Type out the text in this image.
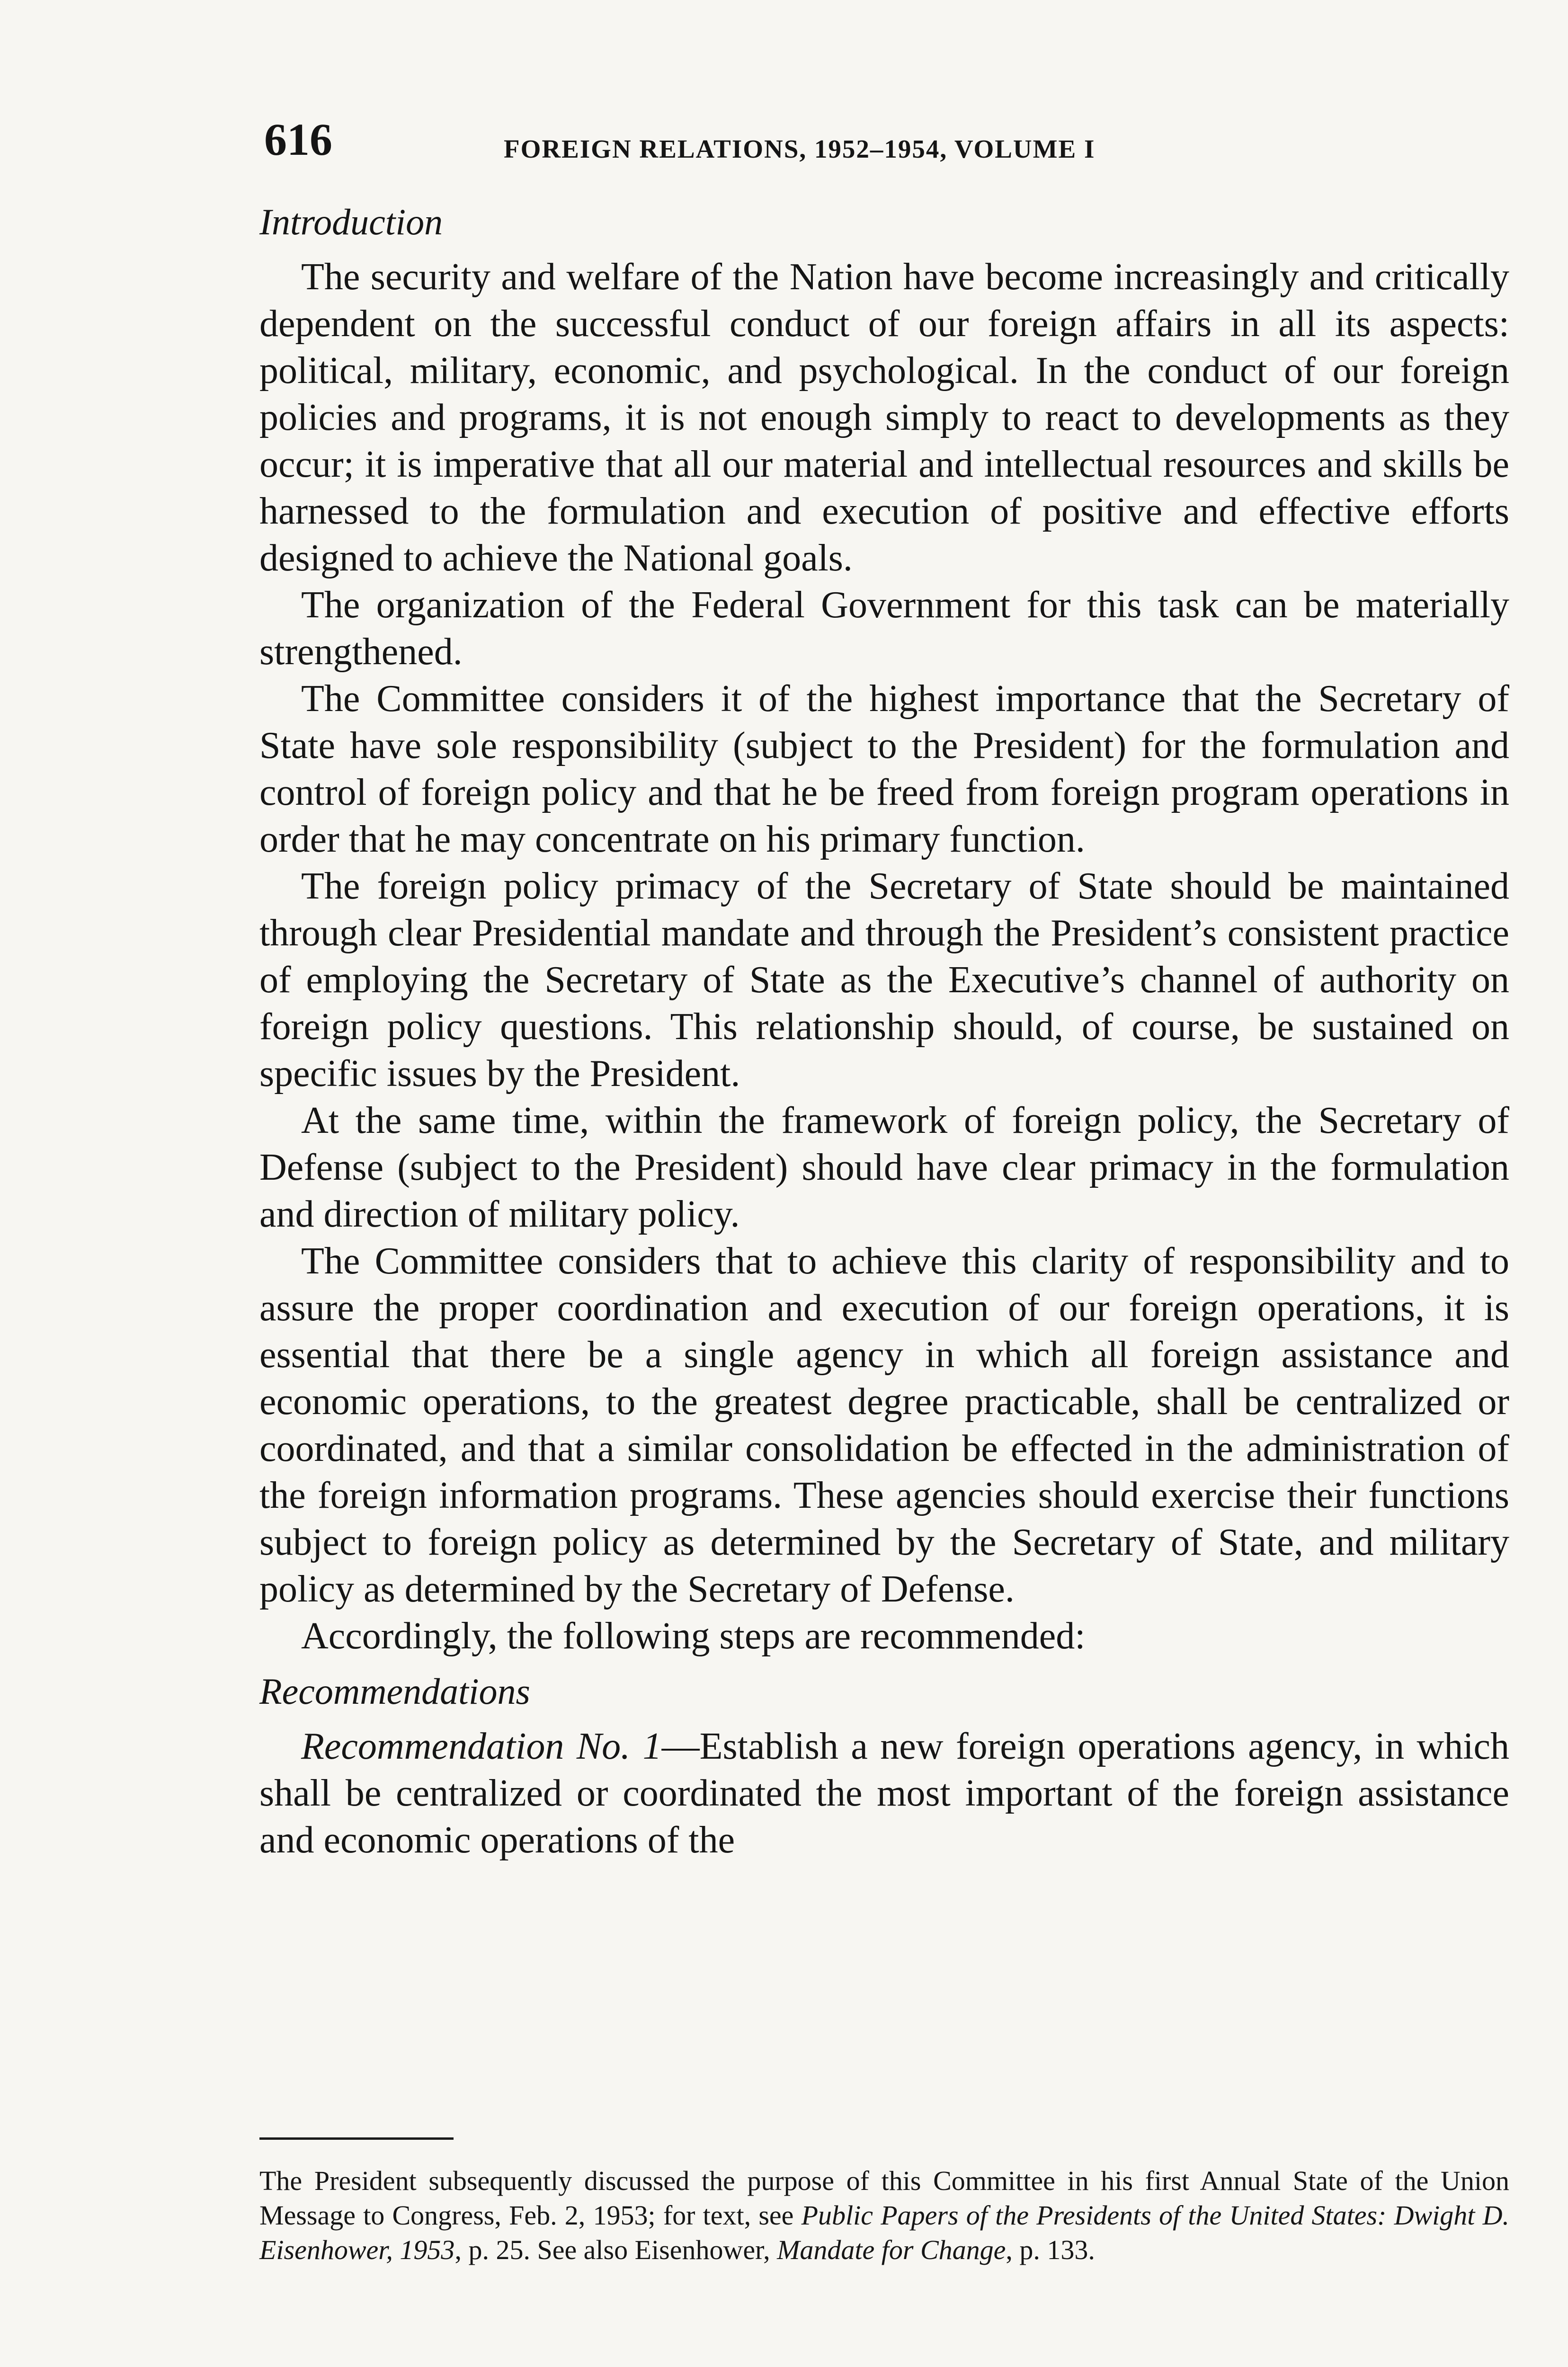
616	FOREIGN RELATIONS, 1952–1954, VOLUME I
Introduction

The security and welfare of the Nation have become increasingly and critically dependent on the successful conduct of our foreign affairs in all its aspects: political, military, economic, and psychological. In the conduct of our foreign policies and programs, it is not enough simply to react to developments as they occur; it is imperative that all our material and intellectual resources and skills be harnessed to the formulation and execution of positive and effective efforts designed to achieve the National goals.

The organization of the Federal Government for this task can be materially strengthened.

The Committee considers it of the highest importance that the Secretary of State have sole responsibility (subject to the President) for the formulation and control of foreign policy and that he be freed from foreign program operations in order that he may concentrate on his primary function.

The foreign policy primacy of the Secretary of State should be maintained through clear Presidential mandate and through the President’s consistent practice of employing the Secretary of State as the Executive’s channel of authority on foreign policy questions. This relationship should, of course, be sustained on specific issues by the President.

At the same time, within the framework of foreign policy, the Secretary of Defense (subject to the President) should have clear primacy in the formulation and direction of military policy.

The Committee considers that to achieve this clarity of responsibility and to assure the proper coordination and execution of our foreign operations, it is essential that there be a single agency in which all foreign assistance and economic operations, to the greatest degree practicable, shall be centralized or coordinated, and that a similar consolidation be effected in the administration of the foreign information programs. These agencies should exercise their functions subject to foreign policy as determined by the Secretary of State, and military policy as determined by the Secretary of Defense.

Accordingly, the following steps are recommended:

Recommendations

Recommendation No. 1—Establish a new foreign operations agency, in which shall be centralized or coordinated the most important of the foreign assistance and economic operations of the

The President subsequently discussed the purpose of this Committee in his first Annual State of the Union Message to Congress, Feb. 2, 1953; for text, see Public Papers of the Presidents of the United States: Dwight D. Eisenhower, 1953, p. 25. See also Eisenhower, Mandate for Change, p. 133.
